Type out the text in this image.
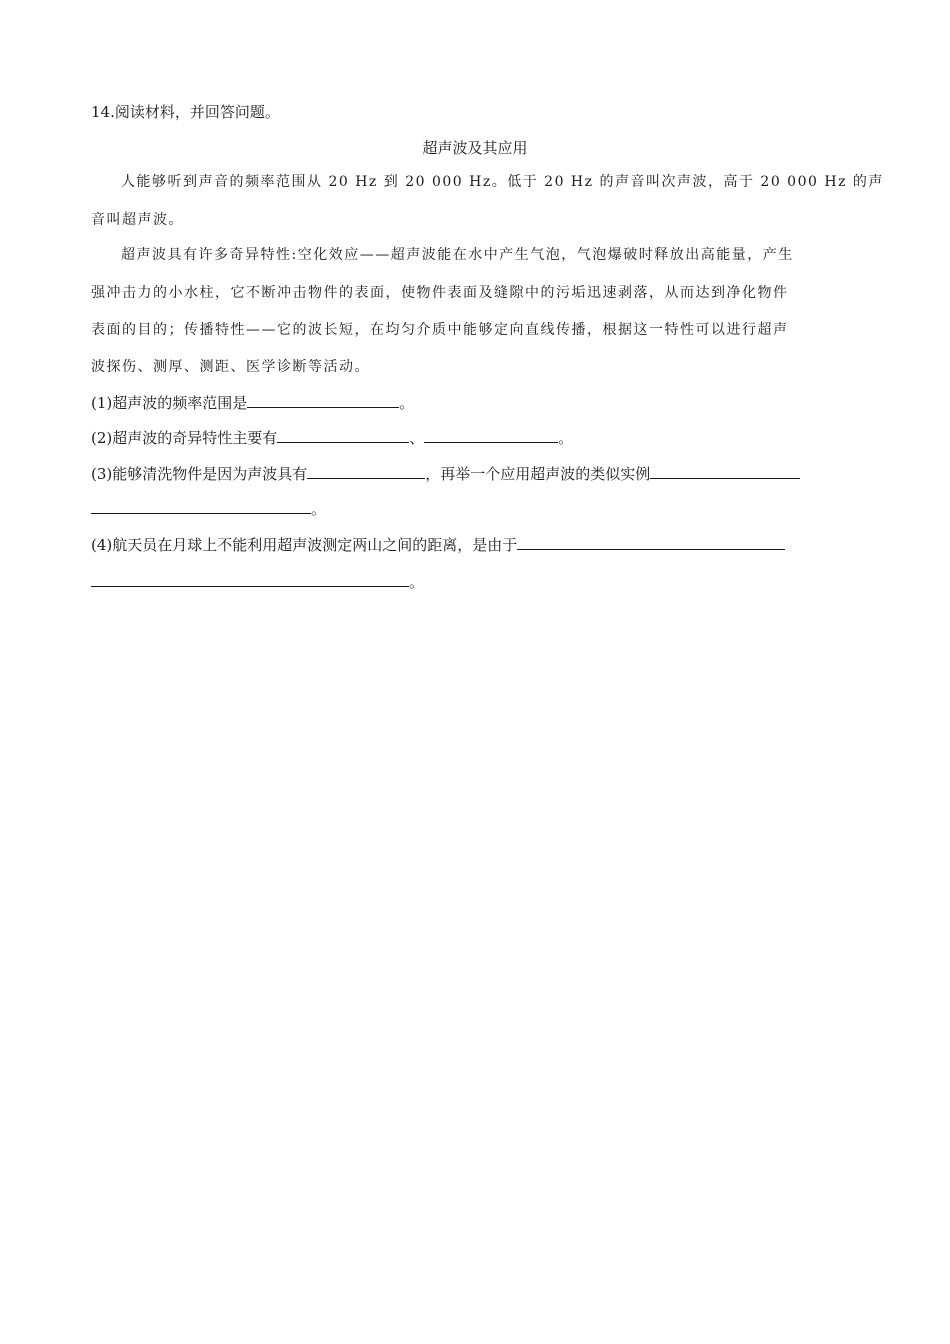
14.阅读材料，并回答问题。
超声波及其应用
人能够听到声音的频率范围从 20 Hz 到 20 000 Hz。低于 20 Hz 的声音叫次声波，高于 20 000 Hz 的声
音叫超声波。
超声波具有许多奇异特性:空化效应——超声波能在水中产生气泡，气泡爆破时释放出高能量，产生
强冲击力的小水柱，它不断冲击物件的表面，使物件表面及缝隙中的污垢迅速剥落，从而达到净化物件
表面的目的；传播特性——它的波长短，在均匀介质中能够定向直线传播，根据这一特性可以进行超声
波探伤、测厚、测距、医学诊断等活动。
(1)超声波的频率范围是	。
(2)超声波的奇异特性主要有	、	。
(3)能够清洗物件是因为声波具有	，再举一个应用超声波的类似实例
。
(4)航天员在月球上不能利用超声波测定两山之间的距离，是由于
。
